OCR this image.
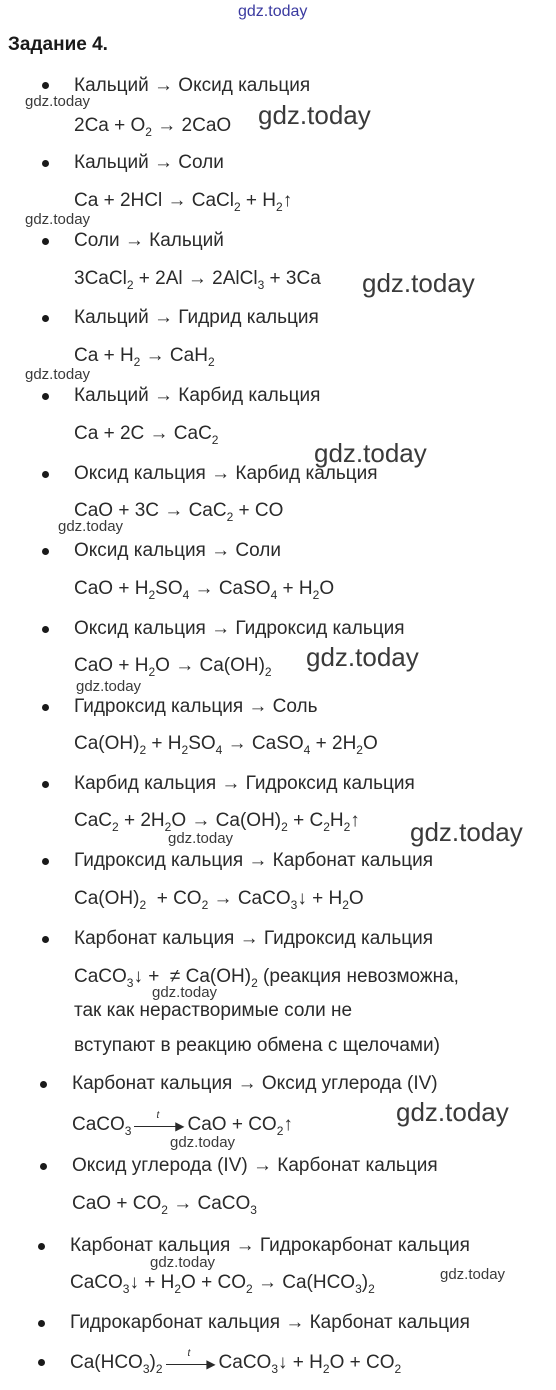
gdz.today
Задание 4.
Кальций → Оксид кальция
gdz.today
$2Ca + O_2 \to 2CaO$ gdz.today
Кальций → Соли
Ca + 2HCl → CaCl$_2$ + $H_2↑$
gdz.today
Соли → Кальций
3CaCl$_2$ + 2Al → 2AlCl$_3$ + 3Ca gdz.today
Кальций → Гидрид кальция
$Ca + H_2 \to CaH_2$
gdz.today
Кальций → Карбид кальция
Ca + 2C → CaC$_2$	gdz.today
Оксид кальция → Карбид кальция
CaO + 3C → CaC$_2$ + CO
gdz.today
Оксид кальция → Соли
CaO + $H_2SO_4$ → CaSO$_4$ + $H_2O$
Оксид кальция → Гидроксид кальция
CaO + $H_2O \to Ca(OH)_2$ gdz.today
gdz.today
Гидроксид кальция → Соль
$Ca(OH)_2 + H_2SO_4$ → CaSO$_4$ + $2H_2O$
Карбид кальция → Гидроксид кальция
$CaC_2 + 2H_2O \to Ca(OH)_2$ + $C_2H_2↑$
gdz.today	gdz.today
Гидроксид кальция → Карбонат кальция
$Ca(OH)_2 + CO_2$ → CaCO$_3$↓ + $H_2O$
Карбонат кальция → Гидроксид кальция
CaCO$_3$↓ +  ≠ $Ca(OH)_2$ (реакция невозможна,
gdz.today
так как нерастворимые соли не
вступают в реакцию обмена с щелочами)
Карбонат кальция → Оксид углерода (IV)
CaCO$_3$
t
▶ CaO + $CO_2↑$	gdz.today
gdz.today
Оксид углерода (IV) → Карбонат кальция
CaO + $CO_2$ → CaCO$_3$
Карбонат кальция → Гидрокарбонат кальция
gdz.today
CaCO$_3$↓ + $H_2O + CO_2 \to Ca(HCO_3)_2$
gdz.today
Гидрокарбонат кальция → Карбонат кальция
$Ca(HCO_3)_2$
t
▶ CaCO$_3$↓ + $H_2O + CO_2$
